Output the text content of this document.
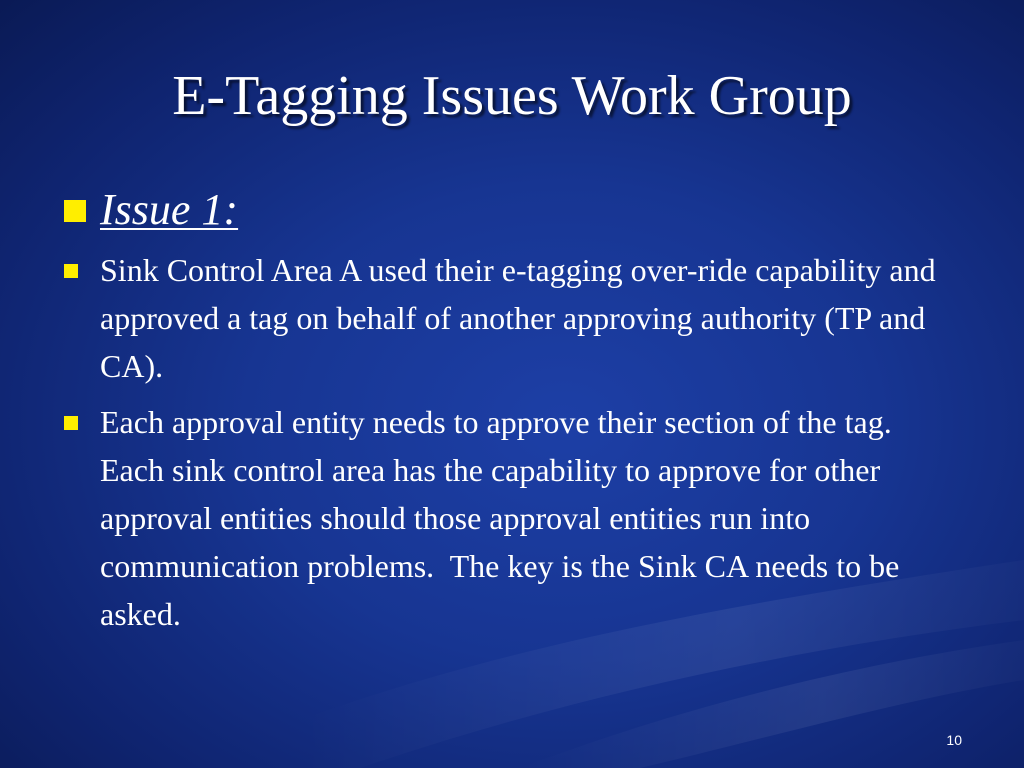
E-Tagging Issues Work Group
Issue 1:
Sink Control Area A used their e-tagging over-ride capability and approved a tag on behalf of another approving authority (TP and CA).
Each approval entity needs to approve their section of the tag.  Each sink control area has the capability to approve for other approval entities should those approval entities run into communication problems.  The key is the Sink CA needs to be asked.
10
